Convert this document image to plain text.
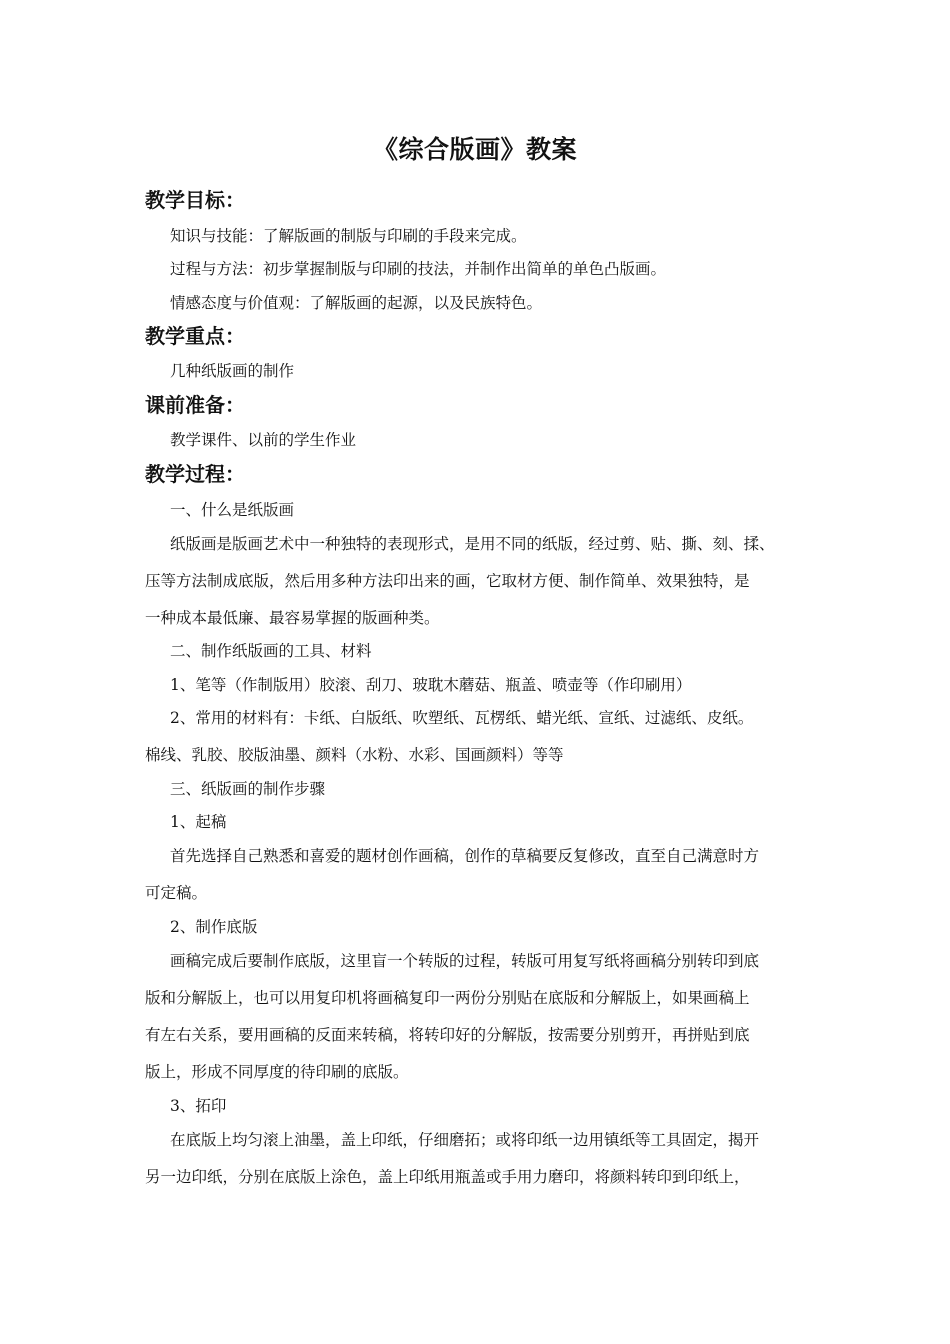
《综合版画》教案
教学目标：
知识与技能：了解版画的制版与印刷的手段来完成。
过程与方法：初步掌握制版与印刷的技法，并制作出简单的单色凸版画。
情感态度与价值观：了解版画的起源，以及民族特色。
教学重点：
几种纸版画的制作
课前准备：
教学课件、以前的学生作业
教学过程：
一、什么是纸版画
纸版画是版画艺术中一种独特的表现形式，是用不同的纸版，经过剪、贴、撕、刻、揉、
压等方法制成底版，然后用多种方法印出来的画，它取材方便、制作简单、效果独特，是
一种成本最低廉、最容易掌握的版画种类。
二、制作纸版画的工具、材料
1、笔等（作制版用）胶滚、刮刀、玻耽木蘑菇、瓶盖、喷壶等（作印刷用）
2、常用的材料有：卡纸、白版纸、吹塑纸、瓦楞纸、蜡光纸、宣纸、过滤纸、皮纸。
棉线、乳胶、胶版油墨、颜料（水粉、水彩、国画颜料）等等
三、纸版画的制作步骤
1、起稿
首先选择自己熟悉和喜爱的题材创作画稿，创作的草稿要反复修改，直至自己满意时方
可定稿。
2、制作底版
画稿完成后要制作底版，这里盲一个转版的过程，转版可用复写纸将画稿分别转印到底
版和分解版上，也可以用复印机将画稿复印一两份分别贴在底版和分解版上，如果画稿上
有左右关系，要用画稿的反面来转稿，将转印好的分解版，按需要分别剪开，再拼贴到底
版上，形成不同厚度的待印刷的底版。
3、拓印
在底版上均匀滚上油墨，盖上印纸，仔细磨拓；或将印纸一边用镇纸等工具固定，揭开
另一边印纸，分别在底版上涂色，盖上印纸用瓶盖或手用力磨印，将颜料转印到印纸上，
